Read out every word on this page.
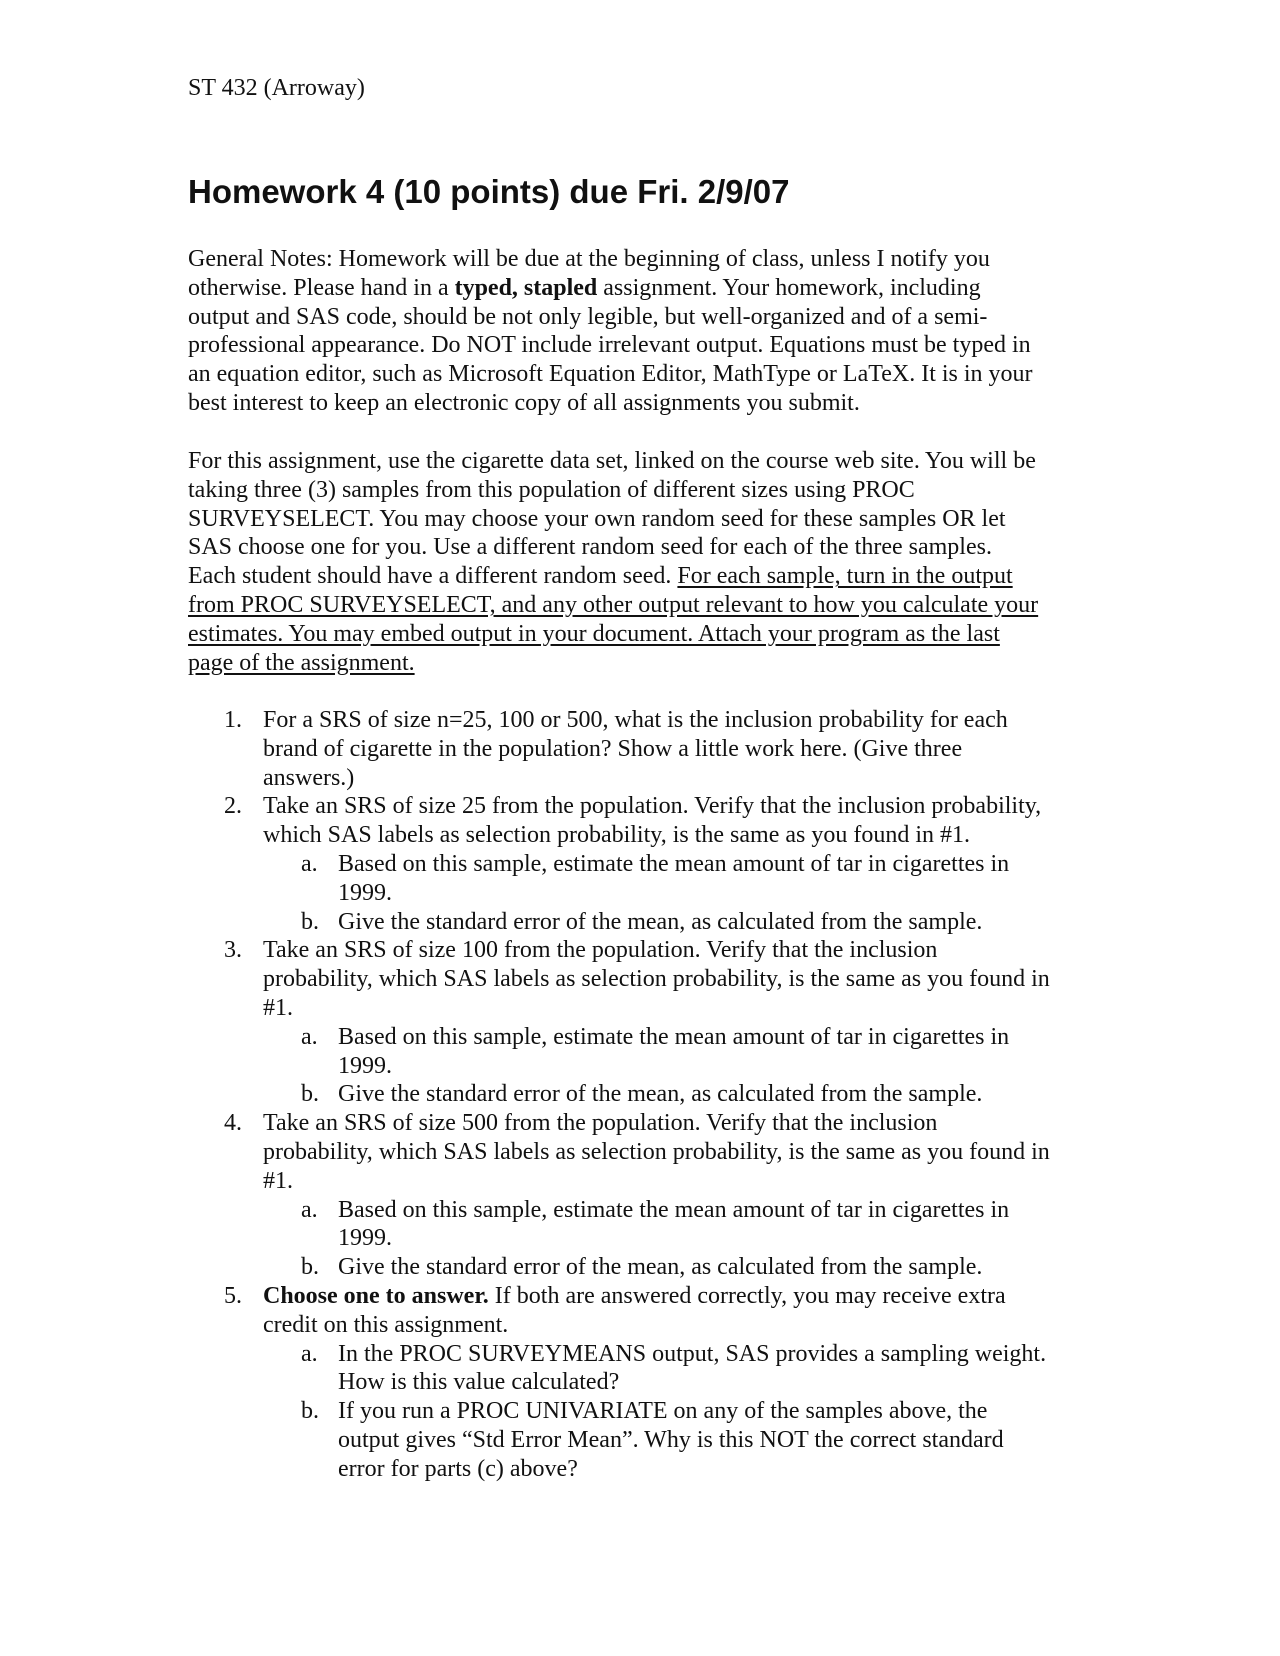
ST 432 (Arroway)
Homework 4 (10 points) due Fri. 2/9/07
General Notes: Homework will be due at the beginning of class, unless I notify you
otherwise. Please hand in a typed, stapled assignment. Your homework, including
output and SAS code, should be not only legible, but well-organized and of a semi-
professional appearance. Do NOT include irrelevant output. Equations must be typed in
an equation editor, such as Microsoft Equation Editor, MathType or LaTeX. It is in your
best interest to keep an electronic copy of all assignments you submit.
For this assignment, use the cigarette data set, linked on the course web site. You will be
taking three (3) samples from this population of different sizes using PROC
SURVEYSELECT. You may choose your own random seed for these samples OR let
SAS choose one for you. Use a different random seed for each of the three samples.
Each student should have a different random seed. For each sample, turn in the output
from PROC SURVEYSELECT, and any other output relevant to how you calculate your
estimates. You may embed output in your document. Attach your program as the last
page of the assignment.
1. For a SRS of size n=25, 100 or 500, what is the inclusion probability for each
brand of cigarette in the population? Show a little work here. (Give three
answers.)
2. Take an SRS of size 25 from the population. Verify that the inclusion probability,
which SAS labels as selection probability, is the same as you found in #1.
a. Based on this sample, estimate the mean amount of tar in cigarettes in
1999.
b. Give the standard error of the mean, as calculated from the sample.
3. Take an SRS of size 100 from the population. Verify that the inclusion
probability, which SAS labels as selection probability, is the same as you found in
#1.
a. Based on this sample, estimate the mean amount of tar in cigarettes in
1999.
b. Give the standard error of the mean, as calculated from the sample.
4. Take an SRS of size 500 from the population. Verify that the inclusion
probability, which SAS labels as selection probability, is the same as you found in
#1.
a. Based on this sample, estimate the mean amount of tar in cigarettes in
1999.
b. Give the standard error of the mean, as calculated from the sample.
5. Choose one to answer. If both are answered correctly, you may receive extra
credit on this assignment.
a. In the PROC SURVEYMEANS output, SAS provides a sampling weight.
How is this value calculated?
b. If you run a PROC UNIVARIATE on any of the samples above, the
output gives “Std Error Mean”. Why is this NOT the correct standard
error for parts (c) above?
